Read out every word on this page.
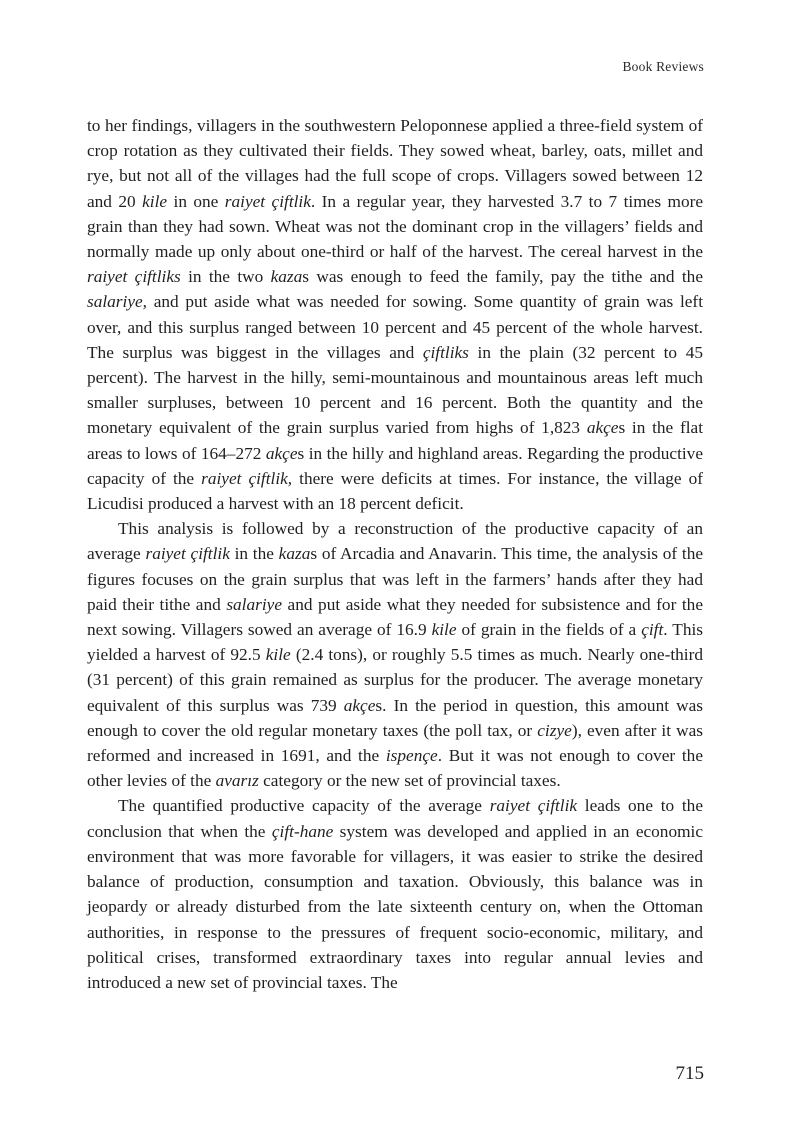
Book Reviews

to her findings, villagers in the southwestern Peloponnese applied a three-field system of crop rotation as they cultivated their fields. They sowed wheat, barley, oats, millet and rye, but not all of the villages had the full scope of crops. Villagers sowed between 12 and 20 kile in one raiyet çiftlik. In a regular year, they harvested 3.7 to 7 times more grain than they had sown. Wheat was not the dominant crop in the villagers’ fields and normally made up only about one-third or half of the harvest. The cereal harvest in the raiyet çiftliks in the two kazas was enough to feed the family, pay the tithe and the salariye, and put aside what was needed for sowing. Some quantity of grain was left over, and this surplus ranged between 10 percent and 45 percent of the whole harvest. The surplus was biggest in the villages and çiftliks in the plain (32 percent to 45 percent). The harvest in the hilly, semi-mountainous and mountainous areas left much smaller surpluses, between 10 percent and 16 percent. Both the quantity and the monetary equivalent of the grain surplus varied from highs of 1,823 akçes in the flat areas to lows of 164–272 akçes in the hilly and highland areas. Regarding the productive capacity of the raiyet çiftlik, there were deficits at times. For instance, the village of Licudisi produced a harvest with an 18 percent deficit.

This analysis is followed by a reconstruction of the productive capacity of an average raiyet çiftlik in the kazas of Arcadia and Anavarin. This time, the analysis of the figures focuses on the grain surplus that was left in the farmers’ hands after they had paid their tithe and salariye and put aside what they needed for subsistence and for the next sowing. Villagers sowed an average of 16.9 kile of grain in the fields of a çift. This yielded a harvest of 92.5 kile (2.4 tons), or roughly 5.5 times as much. Nearly one-third (31 percent) of this grain remained as surplus for the producer. The average monetary equivalent of this surplus was 739 akçes. In the period in question, this amount was enough to cover the old regular monetary taxes (the poll tax, or cizye), even after it was reformed and increased in 1691, and the ispençe. But it was not enough to cover the other levies of the avarız category or the new set of provincial taxes.

The quantified productive capacity of the average raiyet çiftlik leads one to the conclusion that when the çift-hane system was developed and applied in an economic environment that was more favorable for villagers, it was easier to strike the desired balance of production, consumption and taxation. Obviously, this balance was in jeopardy or already disturbed from the late sixteenth century on, when the Ottoman authorities, in response to the pressures of frequent socio-economic, military, and political crises, transformed extraordinary taxes into regular annual levies and introduced a new set of provincial taxes. The

715
